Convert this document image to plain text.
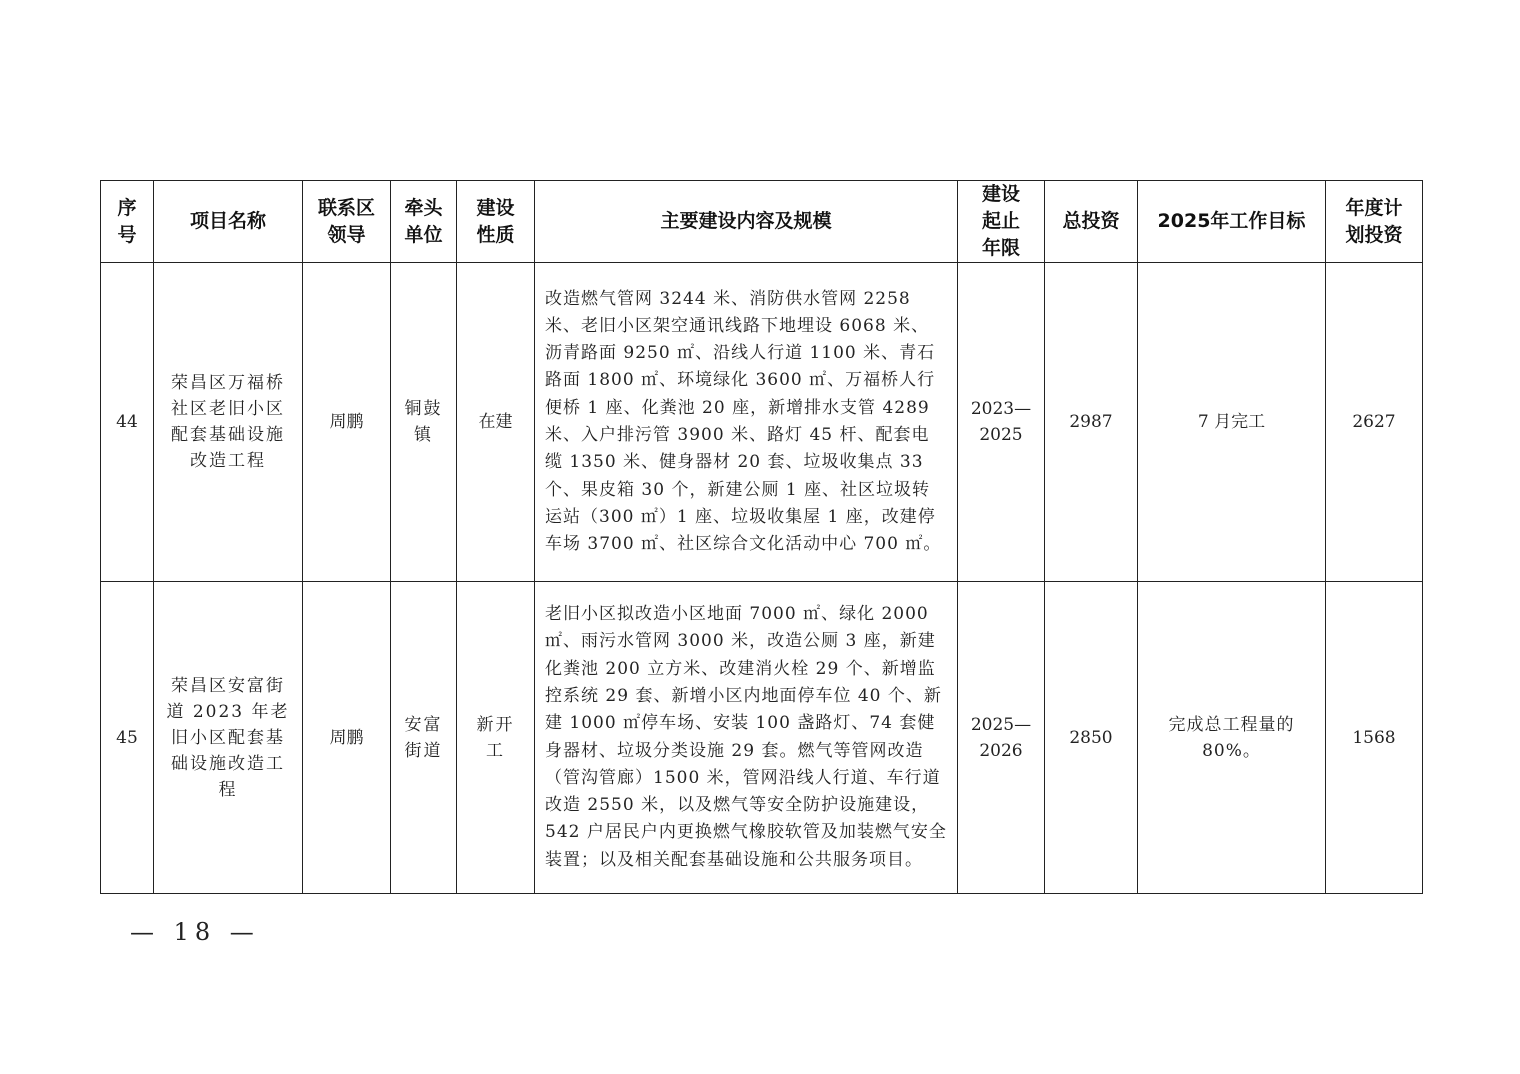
序号	项目名称	联系区领导	牵头单位	建设性质	主要建设内容及规模	建设起止年限	总投资	2025年工作目标	年度计划投资
44	荣昌区万福桥社区老旧小区配套基础设施改造工程	周鹏	铜鼓镇	在建	改造燃气管网 3244 米、消防供水管网 2258 米、老旧小区架空通讯线路下地埋设 6068 米、沥青路面 9250 ㎡、沿线人行道 1100 米、青石路面 1800 ㎡、环境绿化 3600 ㎡、万福桥人行便桥 1 座、化粪池 20 座，新增排水支管 4289 米、入户排污管 3900 米、路灯 45 杆、配套电缆 1350 米、健身器材 20 套、垃圾收集点 33 个、果皮箱 30 个，新建公厕 1 座、社区垃圾转运站（300 ㎡）1 座、垃圾收集屋 1 座，改建停车场 3700 ㎡、社区综合文化活动中心 700 ㎡。	2023—2025	2987	7 月完工	2627
45	荣昌区安富街道 2023 年老旧小区配套基础设施改造工程	周鹏	安富街道	新开工	老旧小区拟改造小区地面 7000 ㎡、绿化 2000 ㎡、雨污水管网 3000 米，改造公厕 3 座，新建化粪池 200 立方米、改建消火栓 29 个、新增监控系统 29 套、新增小区内地面停车位 40 个、新建 1000 ㎡停车场、安装 100 盏路灯、74 套健身器材、垃圾分类设施 29 套。燃气等管网改造（管沟管廊）1500 米，管网沿线人行道、车行道改造 2550 米，以及燃气等安全防护设施建设，542 户居民户内更换燃气橡胶软管及加装燃气安全装置；以及相关配套基础设施和公共服务项目。	2025—2026	2850	完成总工程量的 80%。	1568
— 18 —
